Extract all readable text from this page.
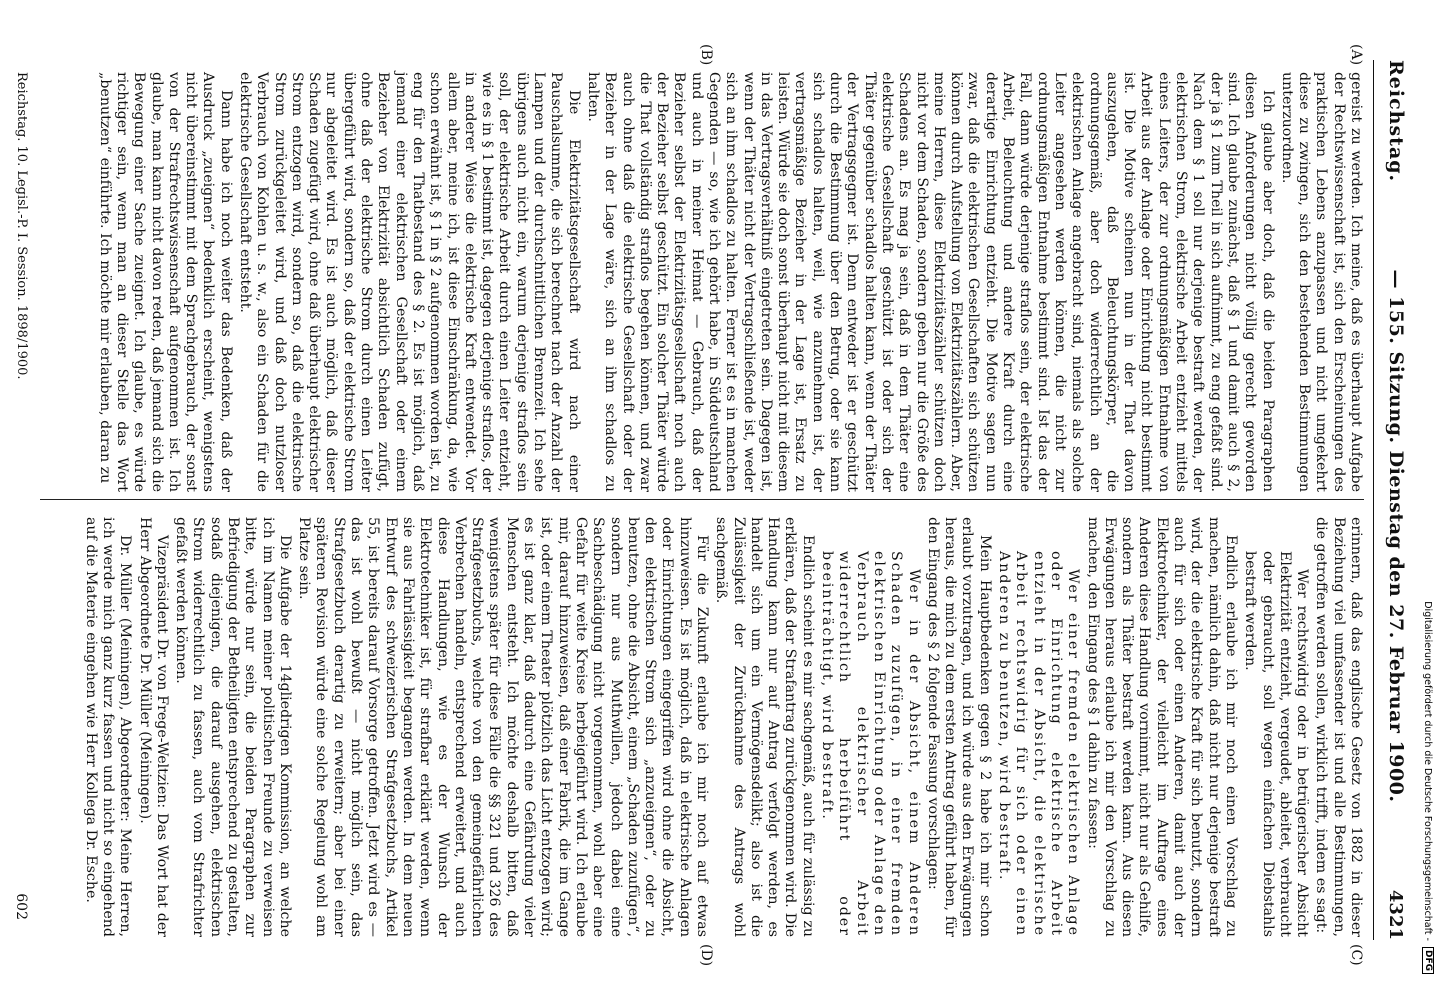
Reichstag.
— 155. Sitzung. Dienstag den 27. Februar 1900.
4321
(A)
(B)
(C)
(D)

gereist zu werden. Ich meine, daß es überhaupt Aufgabe der Rechtswissenschaft ist, sich den Erscheinungen des praktischen Lebens anzupassen und nicht umgekehrt diese zu zwingen, sich den bestehenden Bestimmungen unterzuordnen.

Ich glaube aber doch, daß die beiden Paragraphen diesen Anforderungen nicht völlig gerecht geworden sind. Ich glaube zunächst, daß § 1 und damit auch § 2, der ja § 1 zum Theil in sich aufnimmt, zu eng gefaßt sind. Nach dem § 1 soll nur derjenige bestraft werden, der elektrischen Strom, elektrische Arbeit entzieht mittels eines Leiters, der zur ordnungsmäßigen Entnahme von Arbeit aus der Anlage oder Einrichtung nicht bestimmt ist. Die Motive scheinen nun in der That davon auszugehen, daß Beleuchtungskörper, die ordnungsgemäß, aber doch widerrechtlich an der elektrischen Anlage angebracht sind, niemals als solche Leiter angesehen werden können, die nicht zur ordnungsmäßigen Entnahme bestimmt sind. Ist das der Fall, dann würde derjenige straflos sein, der elektrische Arbeit, Beleuchtung und andere Kraft durch eine derartige Einrichtung entzieht. Die Motive sagen nun zwar, daß die elektrischen Gesellschaften sich schützen können durch Aufstellung von Elektrizitätszählern. Aber, meine Herren, diese Elektrizitätszähler schützen doch nicht vor dem Schaden, sondern geben nur die Größe des Schadens an. Es mag ja sein, daß in dem Thäter eine elektrische Gesellschaft geschützt ist oder sich der Thäter gegenüber schadlos halten kann, wenn der Thäter der Vertragsgegner ist. Denn entweder ist er geschützt durch die Bestimmung über den Betrug, oder sie kann sich schadlos halten, weil, wie anzunehmen ist, der vertragsmäßige Bezieher in der Lage ist, Ersatz zu leisten. Würde sie doch sonst überhaupt nicht mit diesem in das Vertragsverhältniß eingetreten sein. Dagegen ist, wenn der Thäter nicht der Vertragschließende ist, weder sich an ihm schadlos zu halten. Ferner ist es in manchen Gegenden — so, wie ich gehört habe, in Süddeutschland und auch in meiner Heimat — Gebrauch, daß der Bezieher selbst der Elektrizitätsgesellschaft noch auch der Bezieher selbst geschützt. Ein solcher Thäter würde die That vollständig straflos begehen können, und zwar auch ohne daß die elektrische Gesellschaft oder der Bezieher in der Lage wäre, sich an ihm schadlos zu halten.

Die Elektrizitätsgesellschaft wird nach einer Pauschalsumme, die sich berechnet nach der Anzahl der Lampen und der durchschnittlichen Brennzeit. Ich sehe übrigens auch nicht ein, warum derjenige straflos sein soll, der elektrische Arbeit durch einen Leiter entzieht, wie es in § 1 bestimmt ist, dagegen derjenige straflos, der in anderer Weise die elektrische Kraft entwendet. Vor allem aber, meine ich, ist diese Einschränkung, da, wie schon erwähnt ist, § 1 in § 2 aufgenommen worden ist, zu eng für den Thatbestand des § 2. Es ist möglich, daß jemand einer elektrischen Gesellschaft oder einem Bezieher von Elektrizität absichtlich Schaden zufügt, ohne daß der elektrische Strom durch einen Leiter übergeführt wird, sondern so, daß der elektrische Strom nur abgeleitet wird. Es ist auch möglich, daß dieser Schaden zugefügt wird, ohne daß überhaupt elektrischer Strom entzogen wird, sondern so, daß die elektrische Strom zurückgeleitet wird, und daß doch nutzloser Verbrauch von Kohlen u. s. w., also ein Schaden für die elektrische Gesellschaft entsteht.

Dann habe ich noch weiter das Bedenken, daß der Ausdruck „zueignen“ bedenklich erscheint, wenigstens nicht übereinstimmt mit dem Sprachgebrauch, der sonst von der Strafrechtswissenschaft aufgenommen ist. Ich glaube, man kann nicht davon reden, daß jemand sich die Bewegung einer Sache zueignet. Ich glaube, es würde richtiger sein, wenn man an dieser Stelle das Wort „benutzen“ einführte. Ich möchte mir erlauben, daran zu

erinnern, daß das englische Gesetz von 1882 in dieser Beziehung viel umfassender ist und alle Bestimmungen, die getroffen werden sollen, wirklich trifft, indem es sagt:

Wer rechtswidrig oder in betrügerischer Absicht Elektrizität entzieht, vergeudet, ableitet, verbraucht oder gebraucht, soll wegen einfachen Diebstahls bestraft werden.

Endlich erlaube ich mir noch einen Vorschlag zu machen, nämlich dahin, daß nicht nur derjenige bestraft wird, der die elektrische Kraft für sich benutzt, sondern auch für sich oder einen Anderen, damit auch der Elektrotechniker, der vielleicht im Auftrage eines Anderen diese Handlung vornimmt, nicht nur als Gehilfe, sondern als Thäter bestraft werden kann. Aus diesen Erwägungen heraus erlaube ich mir den Vorschlag zu machen, den Eingang des § 1 dahin zu fassen:

Wer einer fremden elektrischen Anlage oder Einrichtung elektrische Arbeit entzieht in der Absicht, die elektrische Arbeit rechtswidrig für sich oder einen Anderen zu benutzen, wird bestraft.

Mein Hauptbedenken gegen § 2 habe ich mir schon erlaubt vorzutragen, und ich würde aus den Erwägungen heraus, die mich zu dem ersten Antrag geführt haben, für den Eingang des § 2 folgende Fassung vorschlagen:

Wer in der Absicht, einem Anderen Schaden zuzufügen, in einer fremden elektrischen Einrichtung oder Anlage den Verbrauch elektrischer Arbeit widerrechtlich herbeiführt oder beeinträchtigt, wird bestraft.

Endlich scheint es mir sachgemäß, auch für zulässig zu erklären, daß der Strafantrag zurückgenommen wird. Die Handlung kann nur auf Antrag verfolgt werden, es handelt sich um ein Vermögensdelikt; also ist die Zulässigkeit der Zurücknahme des Antrags wohl sachgemäß.

Für die Zukunft erlaube ich mir noch auf etwas hinzuweisen. Es ist möglich, daß in elektrische Anlagen oder Einrichtungen eingegriffen wird ohne die Absicht, den elektrischen Strom sich „anzueignen“, oder zu benutzen, ohne die Absicht, einem „Schaden zuzufügen“, sondern nur aus Muthwillen, jedoch dabei eine Sachbeschädigung nicht vorgenommen, wohl aber eine Gefahr für weite Kreise herbeigeführt wird. Ich erlaube mir, darauf hinzuweisen, daß einer Fabrik, die im Gange ist, oder einem Theater plötzlich das Licht entzogen wird; es ist ganz klar, daß dadurch eine Gefährdung vieler Menschen entsteht. Ich möchte deshalb bitten, daß wenigstens später für diese Fälle die §§ 321 und 326 des Strafgesetzbuchs, welche von den gemeingefährlichen Verbrechen handeln, entsprechend erweitert, und auch diese Handlungen, wie es der Wunsch der Elektrotechniker ist, für strafbar erklärt werden, wenn sie aus Fahrlässigkeit begangen werden. In dem neuen Entwurf des schweizerischen Strafgesetzbuchs, Artikel 55, ist bereits darauf Vorsorge getroffen. Jetzt wird es — das ist wohl bewußt — nicht möglich sein, das Strafgesetzbuch derartig zu erweitern; aber bei einer späteren Revision würde eine solche Regelung wohl am Platze sein.

Die Aufgabe der 14gliedrigen Kommission, an welche ich im Namen meiner politischen Freunde zu verweisen bitte, würde nur sein, die beiden Paragraphen zur Befriedigung der Betheiligten entsprechend zu gestalten, sodaß diejenigen, die darauf ausgehen, elektrischen Strom widerrechtlich zu fassen, auch vom Strafrichter gefaßt werden können.

Vizepräsident Dr. von Frege-Weltzien: Das Wort hat der Herr Abgeordnete Dr. Müller (Meiningen).

Dr. Müller (Meiningen), Abgeordneter: Meine Herren, ich werde mich ganz kurz fassen und nicht so eingehend auf die Materie eingehen wie Herr Kollega Dr. Esche.

Reichstag. 10. Legisl.-P. I. Session. 1898/1900.
602	Digitalisierung gefördert durch die Deutsche Forschungsgemeinschaft -
DFG
